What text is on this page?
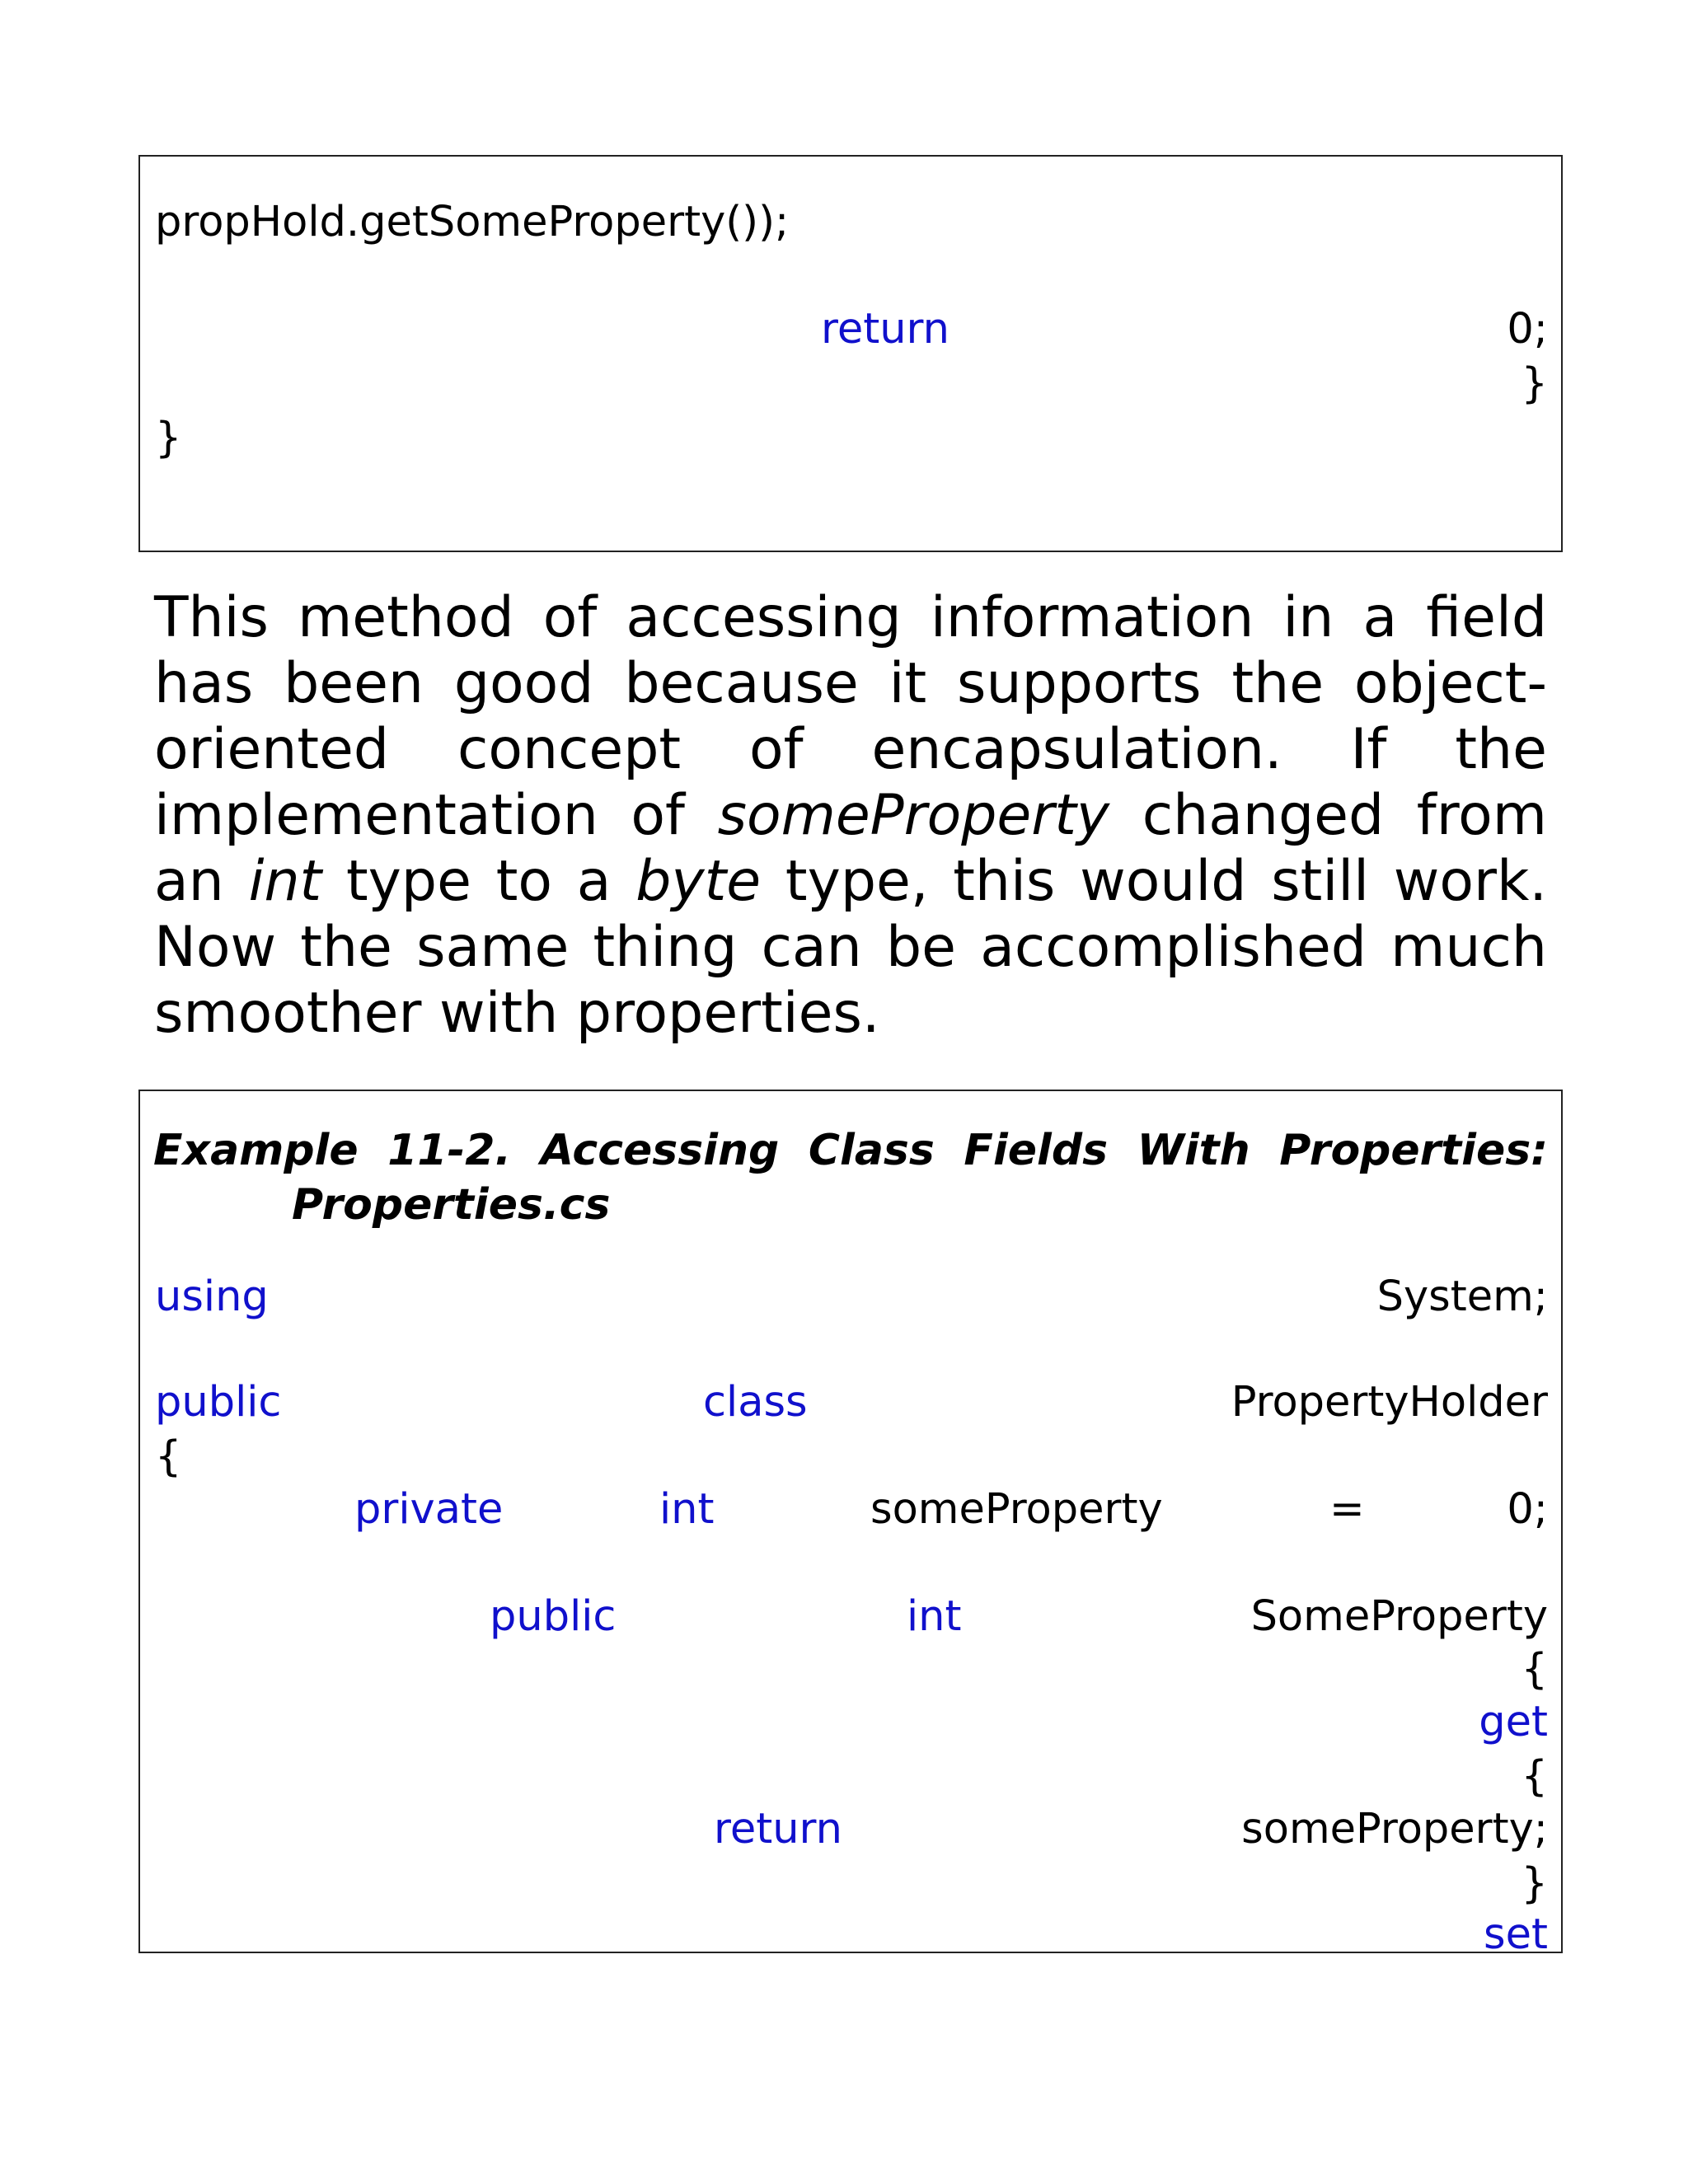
propHold.getSomeProperty());
return	0;
}
}

This method of accessing information in a field has been good because it supports the object-oriented concept of encapsulation. If the implementation of someProperty changed from an int type to a byte type, this would still work. Now the same thing can be accomplished much smoother with properties.

Example 11-2. Accessing Class Fields With Properties:
Properties.cs
using	System;
public	class	PropertyHolder
{
private	int	someProperty	=	0;
public	int	SomeProperty
{
get
{
return	someProperty;
}
set
